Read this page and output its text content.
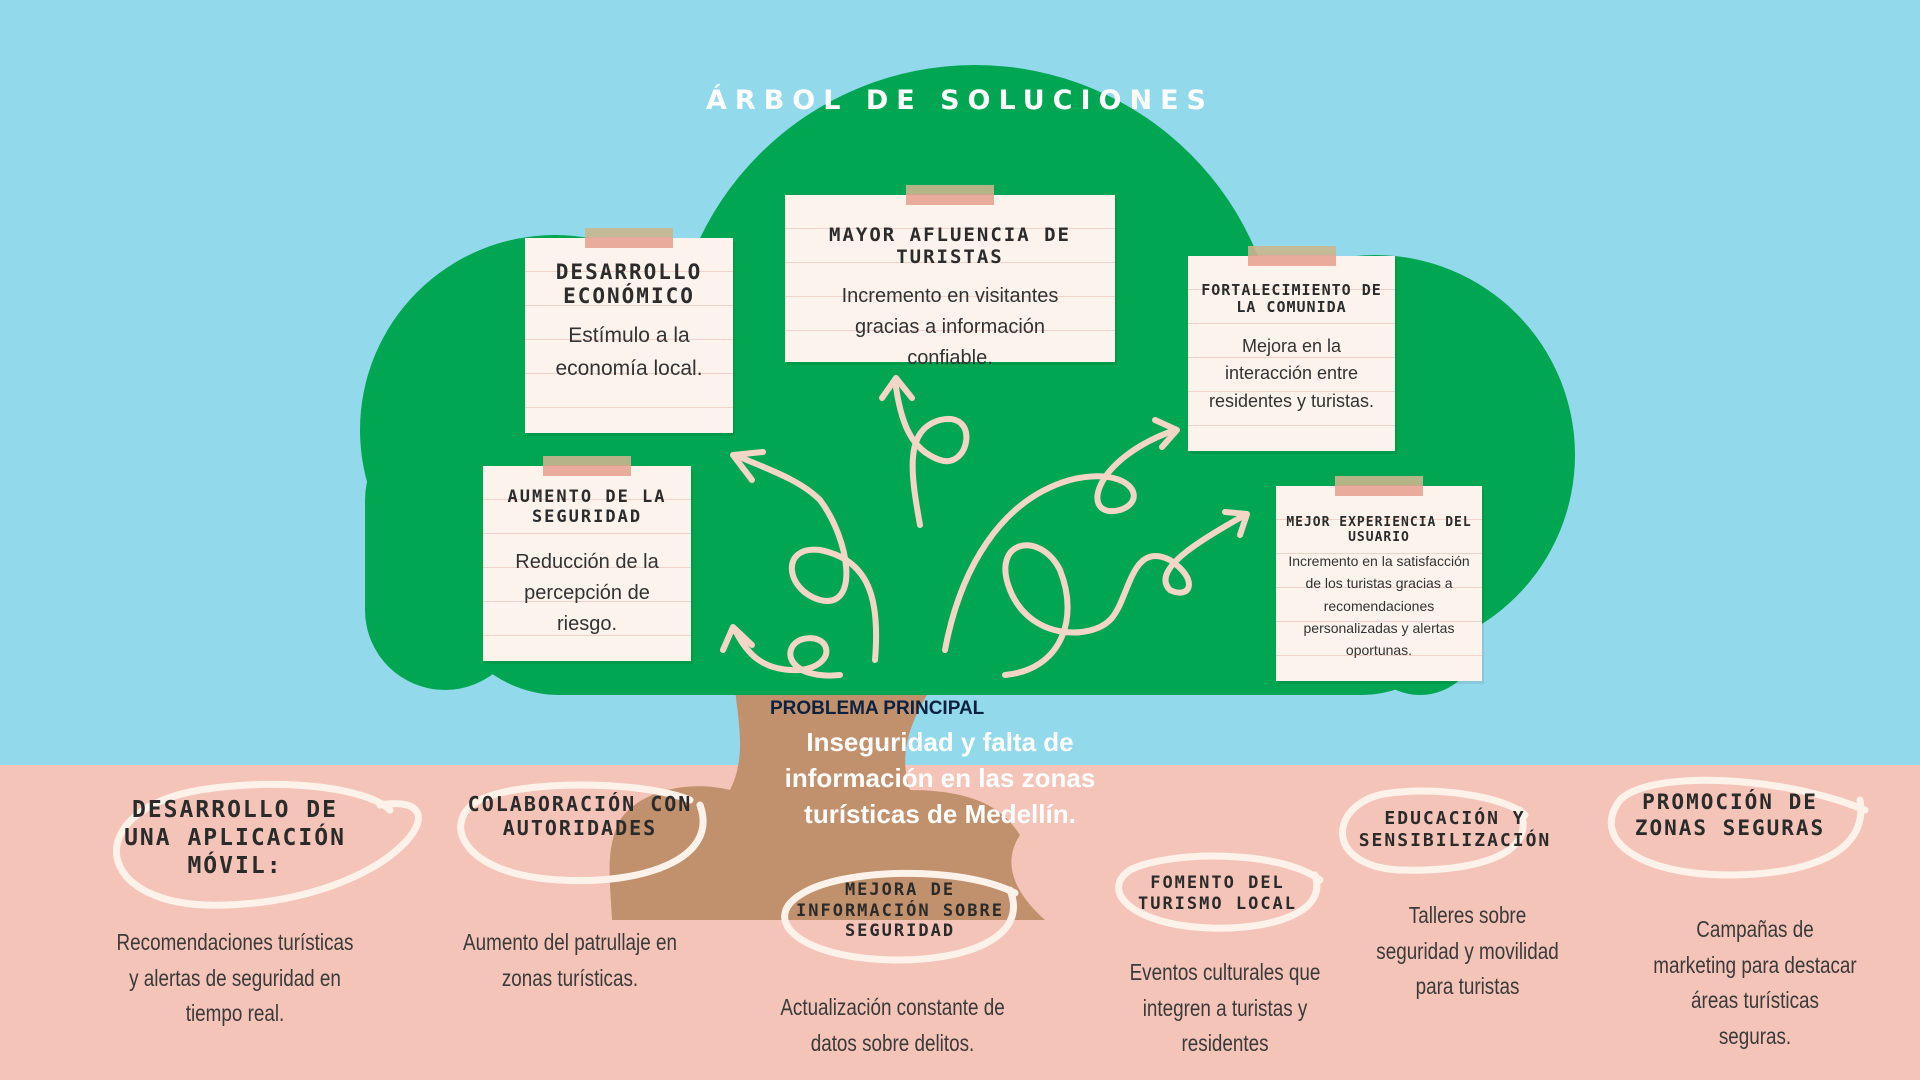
ÁRBOL DE SOLUCIONES
DESARROLLO ECONÓMICO
Estímulo a la economía local.
MAYOR AFLUENCIA DE TURISTAS
Incremento en visitantes gracias a información confiable.
FORTALECIMIENTO DE LA COMUNIDA
Mejora en la interacción entre residentes y turistas.
AUMENTO DE LA SEGURIDAD
Reducción de la percepción de riesgo.
MEJOR EXPERIENCIA DEL USUARIO
Incremento en la satisfacción de los turistas gracias a recomendaciones personalizadas y alertas oportunas.
PROBLEMA PRINCIPAL
Inseguridad y falta de información en las zonas turísticas de Medellín.
DESARROLLO DE UNA APLICACIÓN MÓVIL:
Recomendaciones turísticas y alertas de seguridad en tiempo real.
COLABORACIÓN CON AUTORIDADES
Aumento del patrullaje en zonas turísticas.
MEJORA DE INFORMACIÓN SOBRE SEGURIDAD
Actualización constante de datos sobre delitos.
FOMENTO DEL TURISMO LOCAL
Eventos culturales que integren a turistas y residentes
EDUCACIÓN Y SENSIBILIZACIÓN
Talleres sobre seguridad y movilidad para turistas
PROMOCIÓN DE ZONAS SEGURAS
Campañas de marketing para destacar áreas turísticas seguras.
